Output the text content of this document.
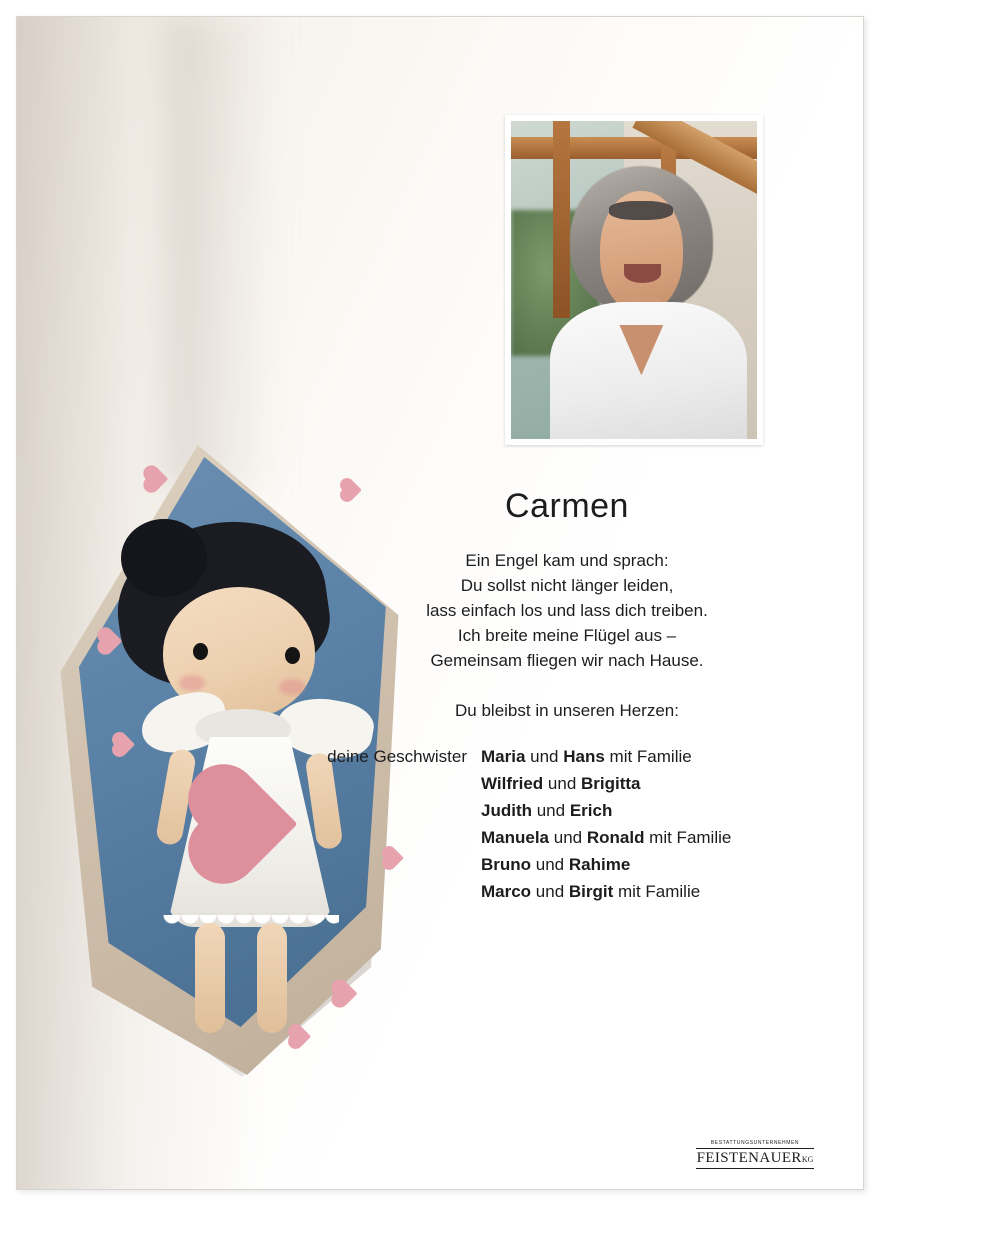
Carmen
Ein Engel kam und sprach:
Du sollst nicht länger leiden,
lass einfach los und lass dich treiben.
Ich breite meine Flügel aus –
Gemeinsam fliegen wir nach Hause.
Du bleibst in unseren Herzen:
deine Geschwister Maria und Hans mit Familie
Wilfried und Brigitta
Judith und Erich
Manuela und Ronald mit Familie
Bruno und Rahime
Marco und Birgit mit Familie
BESTATTUNGSUNTERNEHMEN
FEISTENAUERKG
